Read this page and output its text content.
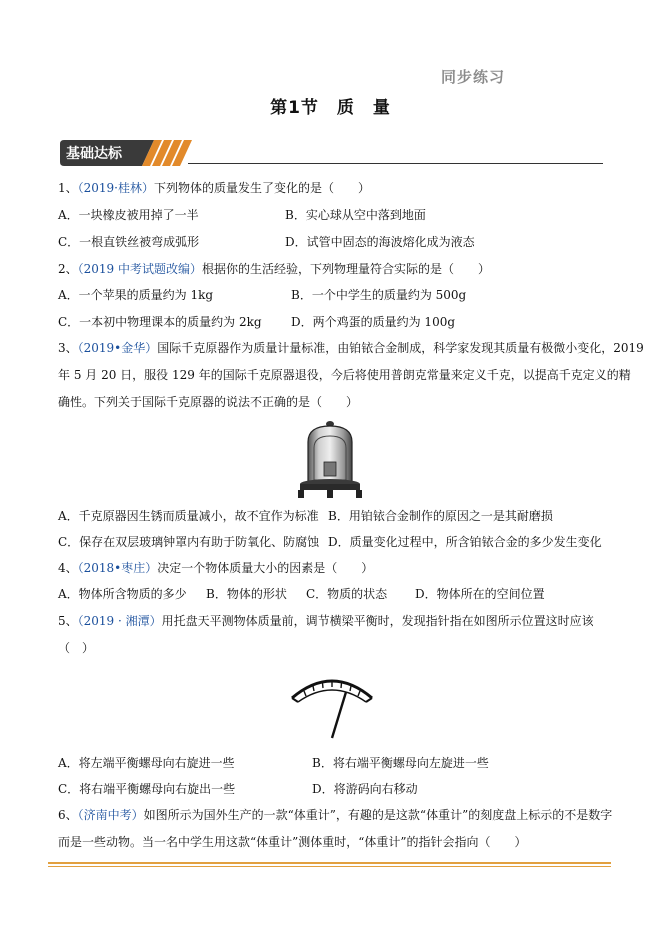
同步练习
第1节　质　量
基础达标
1、（2019·桂林）下列物体的质量发生了变化的是（　　）
A．一块橡皮被用掉了一半	B．实心球从空中落到地面
C．一根直铁丝被弯成弧形	D．试管中固态的海波熔化成为液态
2、（2019 中考试题改编）根据你的生活经验，下列物理量符合实际的是（　　）
A．一个苹果的质量约为 1kg	B．一个中学生的质量约为 500g
C．一本初中物理课本的质量约为 2kg D．两个鸡蛋的质量约为 100g
3、（2019•金华）国际千克原器作为质量计量标准，由铂铱合金制成，科学家发现其质量有极微小变化，2019
年 5 月 20 日，服役 129 年的国际千克原器退役，今后将使用普朗克常量来定义千克，以提高千克定义的精
确性。下列关于国际千克原器的说法不正确的是（　　）
A．千克原器因生锈而质量减小，故不宜作为标准 B．用铂铱合金制作的原因之一是其耐磨损
C．保存在双层玻璃钟罩内有助于防氧化、防腐蚀 D．质量变化过程中，所含铂铱合金的多少发生变化
4、（2018•枣庄）决定一个物体质量大小的因素是（　　）
A．物体所含物质的多少 B．物体的形状 C．物质的状态 D．物体所在的空间位置
5、（2019 · 湘潭）用托盘天平测物体质量前，调节横梁平衡时，发现指针指在如图所示位置这时应该
（　）
A．将左端平衡螺母向右旋进一些	B．将右端平衡螺母向左旋进一些
C．将右端平衡螺母向右旋出一些	D．将游码向右移动
6、（济南中考）如图所示为国外生产的一款“体重计”，有趣的是这款“体重计”的刻度盘上标示的不是数字
而是一些动物。当一名中学生用这款“体重计”测体重时，“体重计”的指针会指向（　　）
